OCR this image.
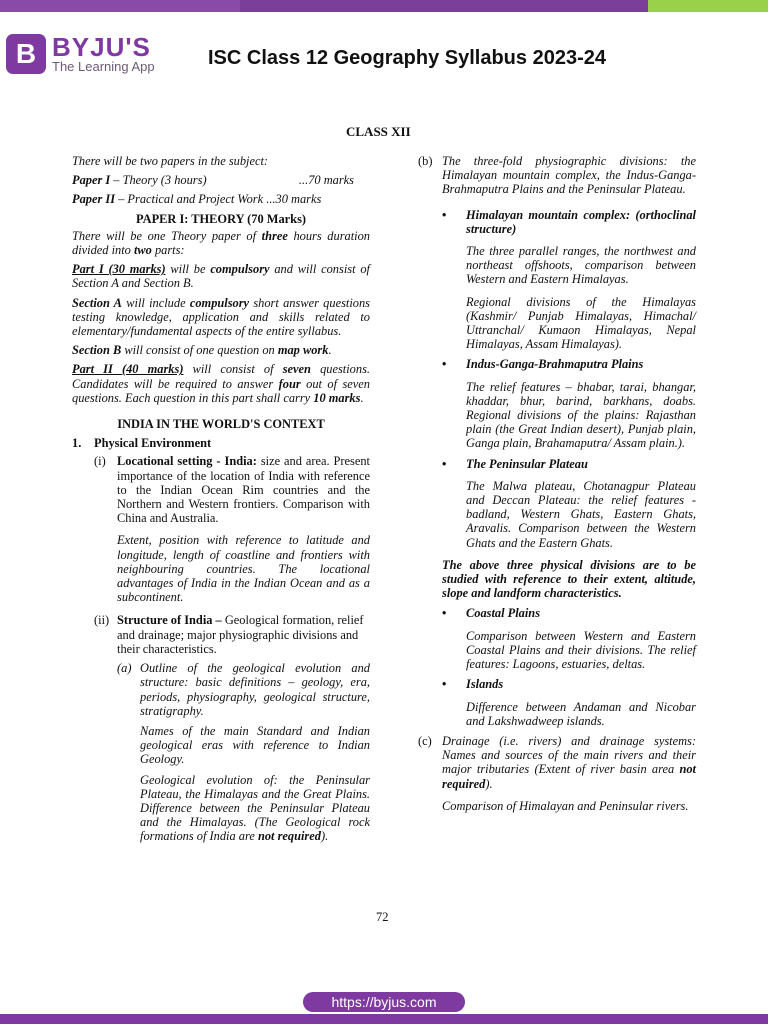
B BYJU'S
The Learning App	ISC Class 12 Geography Syllabus 2023-24
CLASS XII

There will be two papers in the subject:

Paper I – Theory (3 hours)	...70 marks

Paper II – Practical and Project Work ...30 marks

PAPER I: THEORY (70 Marks)

There will be one Theory paper of three hours duration divided into two parts:

Part I (30 marks) will be compulsory and will consist of Section A and Section B.

Section A will include compulsory short answer questions testing knowledge, application and skills related to elementary/fundamental aspects of the entire syllabus.

Section B will consist of one question on map work.

Part II (40 marks) will consist of seven questions. Candidates will be required to answer four out of seven questions. Each question in this part shall carry 10 marks.

INDIA IN THE WORLD'S CONTEXT
1.	Physical Environment
(i) Locational setting - India: size and area. Present importance of the location of India with reference to the Indian Ocean Rim countries and the Northern and Western frontiers. Comparison with China and Australia.

Extent, position with reference to latitude and longitude, length of coastline and frontiers with neighbouring countries. The locational advantages of India in the Indian Ocean and as a subcontinent.

(ii) Structure of India – Geological formation, relief and drainage; major physiographic divisions and their characteristics.

(a) Outline of the geological evolution and structure: basic definitions – geology, era, periods, physiography, geological structure, stratigraphy.

Names of the main Standard and Indian geological eras with reference to Indian Geology.

Geological evolution of: the Peninsular Plateau, the Himalayas and the Great Plains. Difference between the Peninsular Plateau and the Himalayas. (The Geological rock formations of India are not required).

(b) The three-fold physiographic divisions: the Himalayan mountain complex, the Indus-Ganga-Brahmaputra Plains and the Peninsular Plateau.

•	Himalayan mountain complex: (orthoclinal structure)

The three parallel ranges, the northwest and northeast offshoots, comparison between Western and Eastern Himalayas.

Regional divisions of the Himalayas (Kashmir/ Punjab Himalayas, Himachal/ Uttranchal/ Kumaon Himalayas, Nepal Himalayas, Assam Himalayas).

•	Indus-Ganga-Brahmaputra Plains

The relief features – bhabar, tarai, bhangar, khaddar, bhur, barind, barkhans, doabs. Regional divisions of the plains: Rajasthan plain (the Great Indian desert), Punjab plain, Ganga plain, Brahamaputra/ Assam plain.).

•	The Peninsular Plateau

The Malwa plateau, Chotanagpur Plateau and Deccan Plateau: the relief features - badland, Western Ghats, Eastern Ghats, Aravalis. Comparison between the Western Ghats and the Eastern Ghats.

The above three physical divisions are to be studied with reference to their extent, altitude, slope and landform characteristics.

•	Coastal Plains

Comparison between Western and Eastern Coastal Plains and their divisions. The relief features: Lagoons, estuaries, deltas.

•	Islands

Difference between Andaman and Nicobar and Lakshwadweep islands.

(c) Drainage (i.e. rivers) and drainage systems: Names and sources of the main rivers and their major tributaries (Extent of river basin area not required).

Comparison of Himalayan and Peninsular rivers.

72
https://byjus.com
